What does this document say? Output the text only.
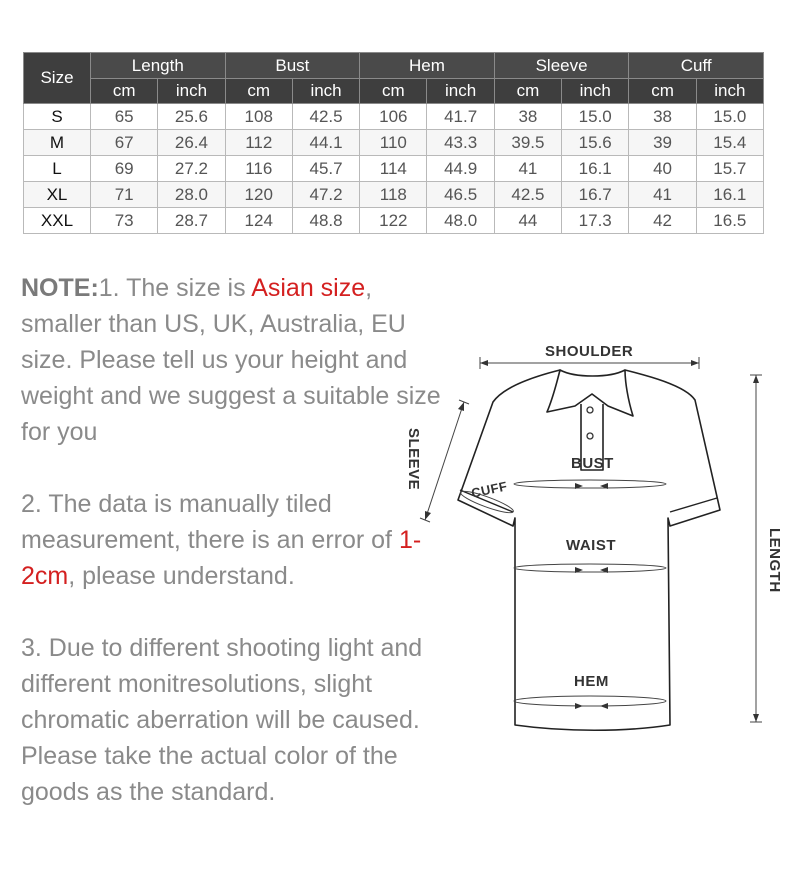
Size	Length		Bust		Hem		Sleeve		Cuff	
	cm	inch	cm	inch	cm	inch	cm	inch	cm	inch
S	65	25.6	108	42.5	106	41.7	38	15.0	38	15.0
M	67	26.4	112	44.1	110	43.3	39.5	15.6	39	15.4
L	69	27.2	116	45.7	114	44.9	41	16.1	40	15.7
XL	71	28.0	120	47.2	118	46.5	42.5	16.7	41	16.1
XXL	73	28.7	124	48.8	122	48.0	44	17.3	42	16.5

NOTE:1. The size is Asian size, smaller than US, UK, Australia, EU size. Please tell us your height and weight and we suggest a suitable size for you

2. The data is manually tiled measurement, there is an error of 1-2cm, please understand.

3. Due to different shooting light and different monitresolutions, slight chromatic aberration will be caused. Please take the actual color of the goods as the standard.

SHOULDER
SLEEVE	BUST
CUFF
WAIST
HEM
LENGTH
